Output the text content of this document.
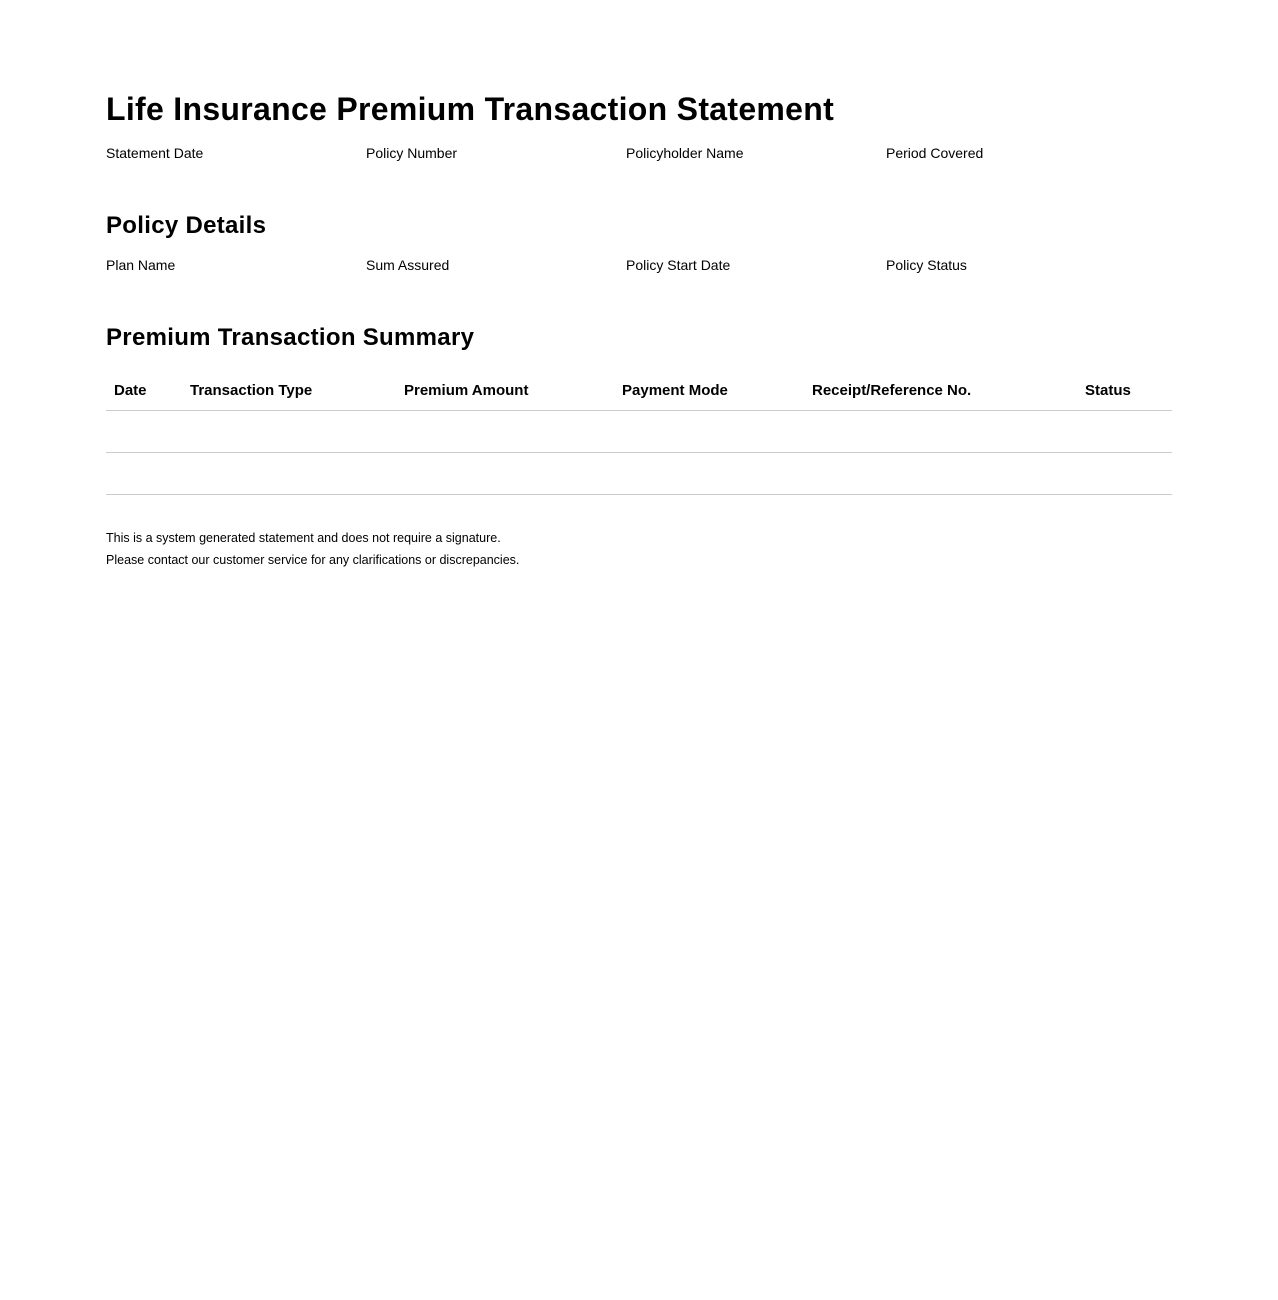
Life Insurance Premium Transaction Statement
Statement Date	Policy Number	Policyholder Name	Period Covered
Policy Details
Plan Name	Sum Assured	Policy Start Date	Policy Status
Premium Transaction Summary
Date	Transaction Type	Premium Amount	Payment Mode	Receipt/Reference No.	Status

This is a system generated statement and does not require a signature.

Please contact our customer service for any clarifications or discrepancies.
